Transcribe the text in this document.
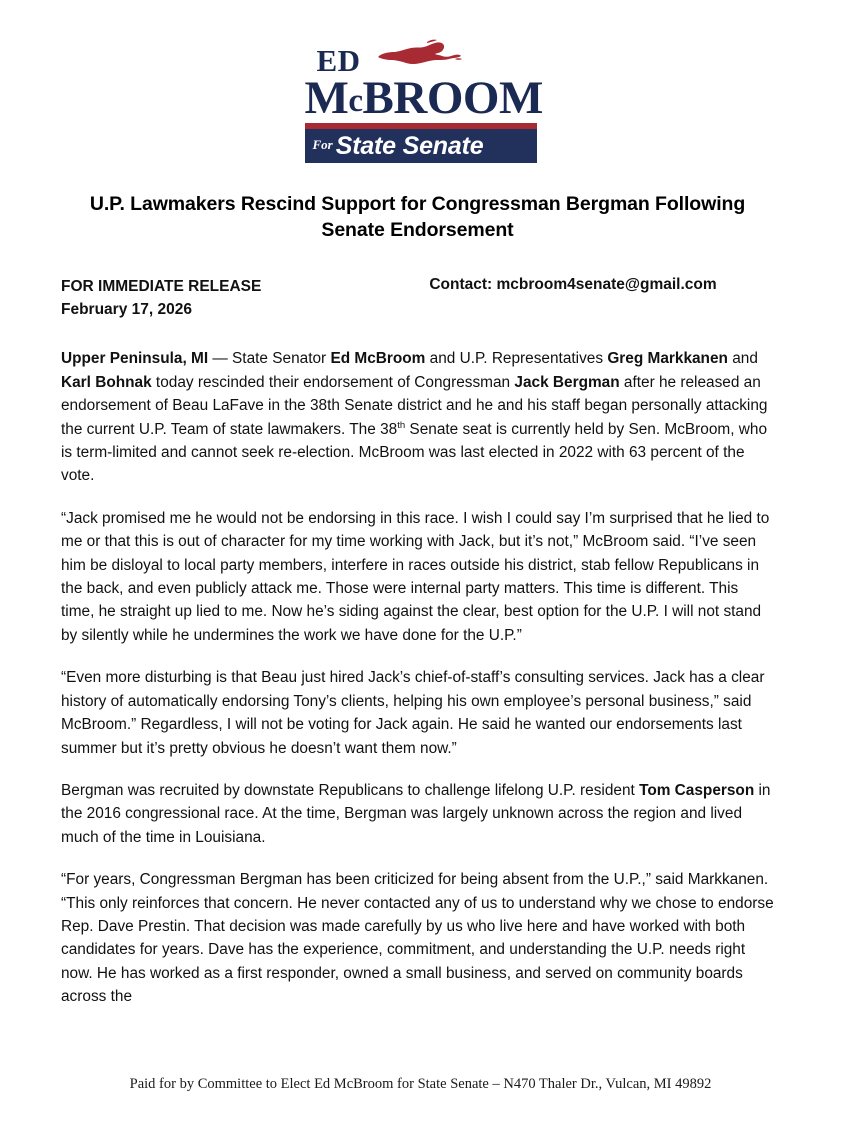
ED
McBROOM
For State Senate
U.P. Lawmakers Rescind Support for Congressman Bergman Following Senate Endorsement
FOR IMMEDIATE RELEASE
February 17, 2026
Contact: mcbroom4senate@gmail.com

Upper Peninsula, MI — State Senator Ed McBroom and U.P. Representatives Greg Markkanen and Karl Bohnak today rescinded their endorsement of Congressman Jack Bergman after he released an endorsement of Beau LaFave in the 38th Senate district and he and his staff began personally attacking the current U.P. Team of state lawmakers. The 38th Senate seat is currently held by Sen. McBroom, who is term-limited and cannot seek re-election. McBroom was last elected in 2022 with 63 percent of the vote.

“Jack promised me he would not be endorsing in this race. I wish I could say I’m surprised that he lied to me or that this is out of character for my time working with Jack, but it’s not,” McBroom said. “I’ve seen him be disloyal to local party members, interfere in races outside his district, stab fellow Republicans in the back, and even publicly attack me. Those were internal party matters. This time is different. This time, he straight up lied to me. Now he’s siding against the clear, best option for the U.P. I will not stand by silently while he undermines the work we have done for the U.P.”

“Even more disturbing is that Beau just hired Jack’s chief-of-staff’s consulting services. Jack has a clear history of automatically endorsing Tony’s clients, helping his own employee’s personal business,” said McBroom.” Regardless, I will not be voting for Jack again. He said he wanted our endorsements last summer but it’s pretty obvious he doesn’t want them now.”

Bergman was recruited by downstate Republicans to challenge lifelong U.P. resident Tom Casperson in the 2016 congressional race. At the time, Bergman was largely unknown across the region and lived much of the time in Louisiana.

“For years, Congressman Bergman has been criticized for being absent from the U.P.,” said Markkanen. “This only reinforces that concern. He never contacted any of us to understand why we chose to endorse Rep. Dave Prestin. That decision was made carefully by us who live here and have worked with both candidates for years. Dave has the experience, commitment, and understanding the U.P. needs right now. He has worked as a first responder, owned a small business, and served on community boards across the

Paid for by Committee to Elect Ed McBroom for State Senate – N470 Thaler Dr., Vulcan, MI 49892
